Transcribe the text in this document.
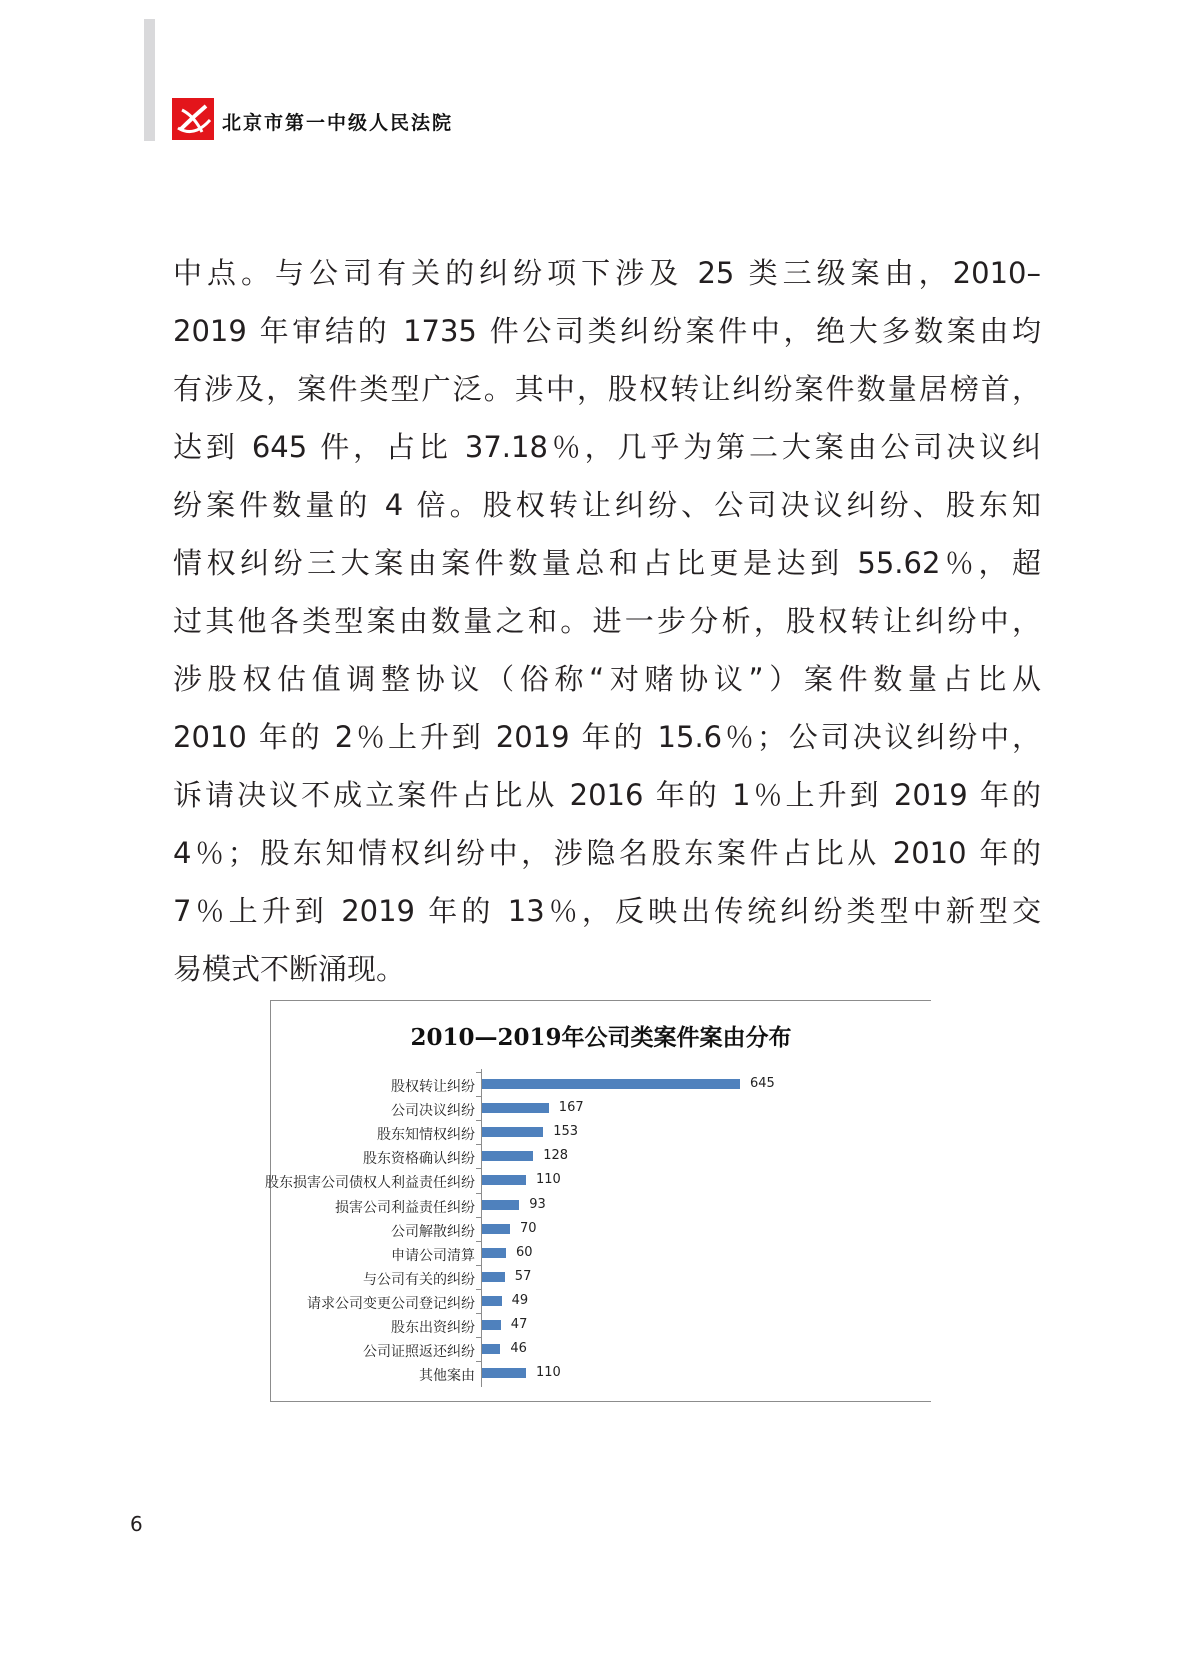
北京市第一中级人民法院
中点。与公司有关的纠纷项下涉及 25 类三级案由，2010–
2019 年审结的 1735 件公司类纠纷案件中，绝大多数案由均
有涉及，案件类型广泛。其中，股权转让纠纷案件数量居榜首，
达到 645 件，占比 37.18％，几乎为第二大案由公司决议纠
纷案件数量的 4 倍。股权转让纠纷、公司决议纠纷、股东知
情权纠纷三大案由案件数量总和占比更是达到 55.62％，超
过其他各类型案由数量之和。进一步分析，股权转让纠纷中，
涉股权估值调整协议（俗称“对赌协议”）案件数量占比从
2010 年的 2％上升到 2019 年的 15.6％；公司决议纠纷中，
诉请决议不成立案件占比从 2016 年的 1％上升到 2019 年的
4％；股东知情权纠纷中，涉隐名股东案件占比从 2010 年的
7％上升到 2019 年的 13％，反映出传统纠纷类型中新型交
易模式不断涌现。
2010—2019年公司类案件案由分布
股权转让纠纷	645
公司决议纠纷	167
股东知情权纠纷	153
股东资格确认纠纷	128
股东损害公司债权人利益责任纠纷	110
损害公司利益责任纠纷	93
公司解散纠纷	70
申请公司清算	60
与公司有关的纠纷	57
请求公司变更公司登记纠纷	49
股东出资纠纷	47
公司证照返还纠纷	46
其他案由	110
6
